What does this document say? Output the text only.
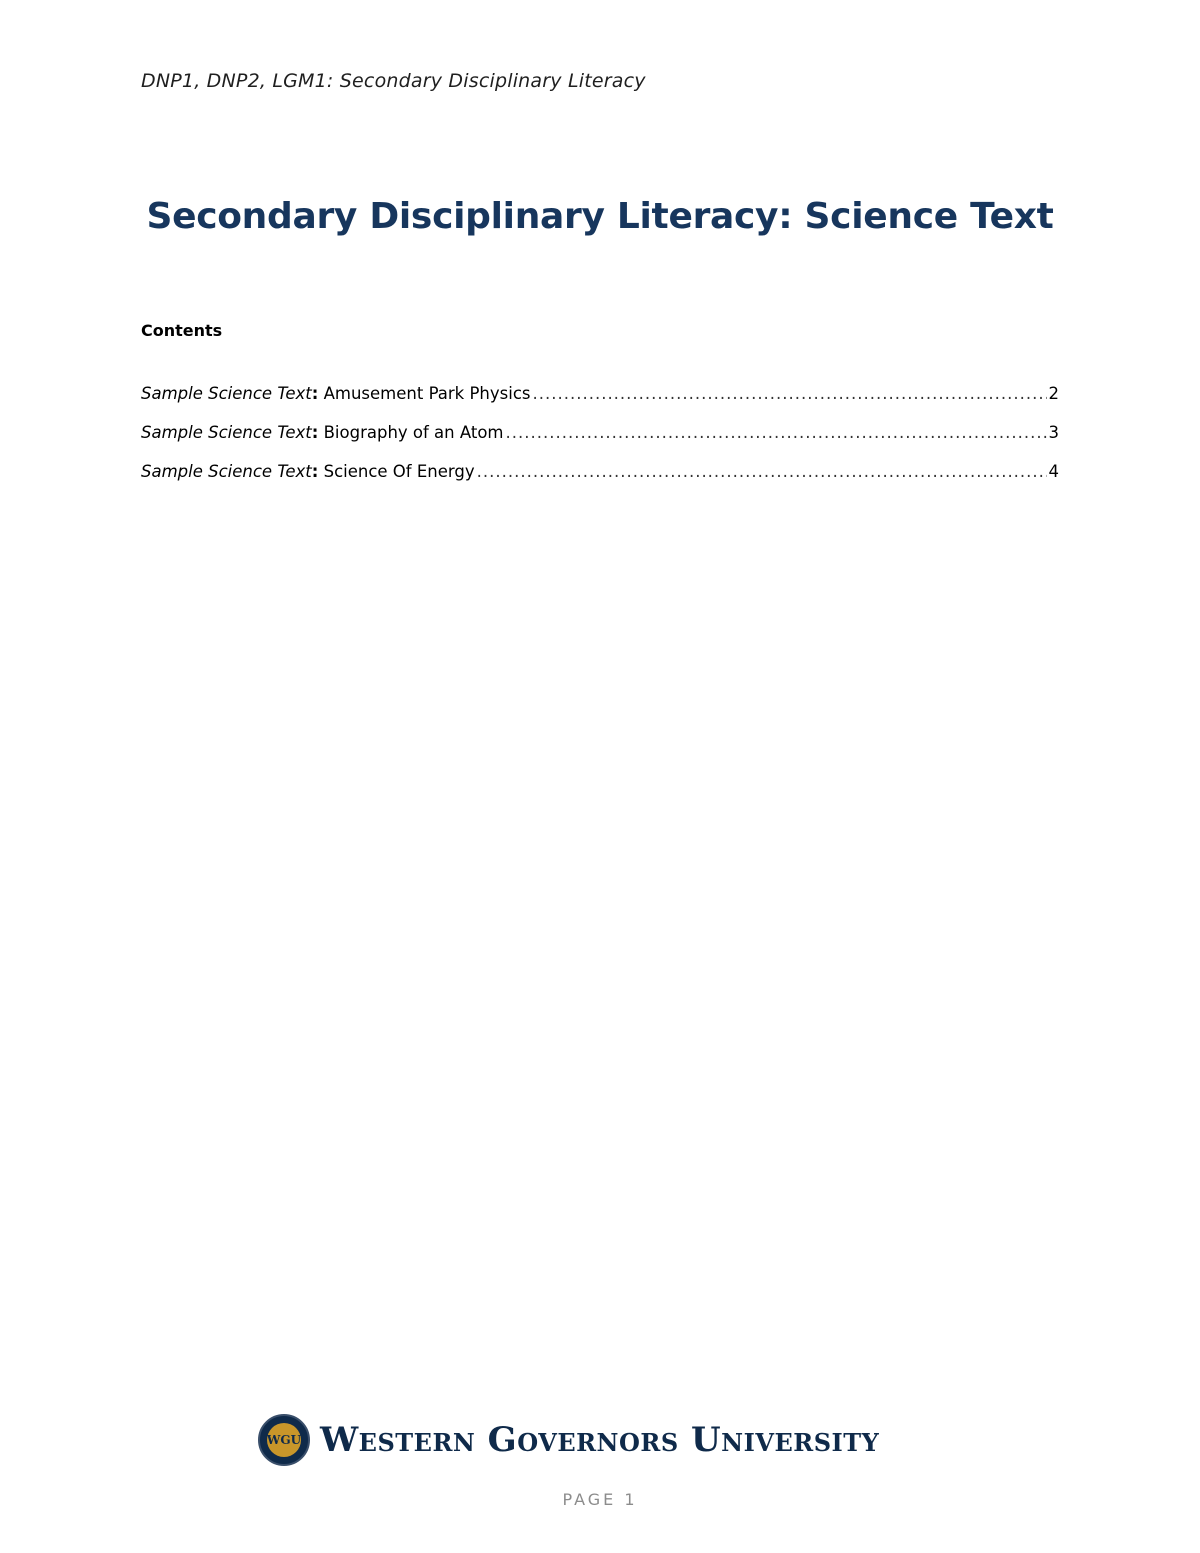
DNP1, DNP2, LGM1: Secondary Disciplinary Literacy
Secondary Disciplinary Literacy: Science Text
Contents
Sample Science Text: Amusement Park Physics .....	2
Sample Science Text: Biography of an Atom .....	3
Sample Science Text: Science Of Energy .....	4
WGU Western Governors University
PAGE 1
